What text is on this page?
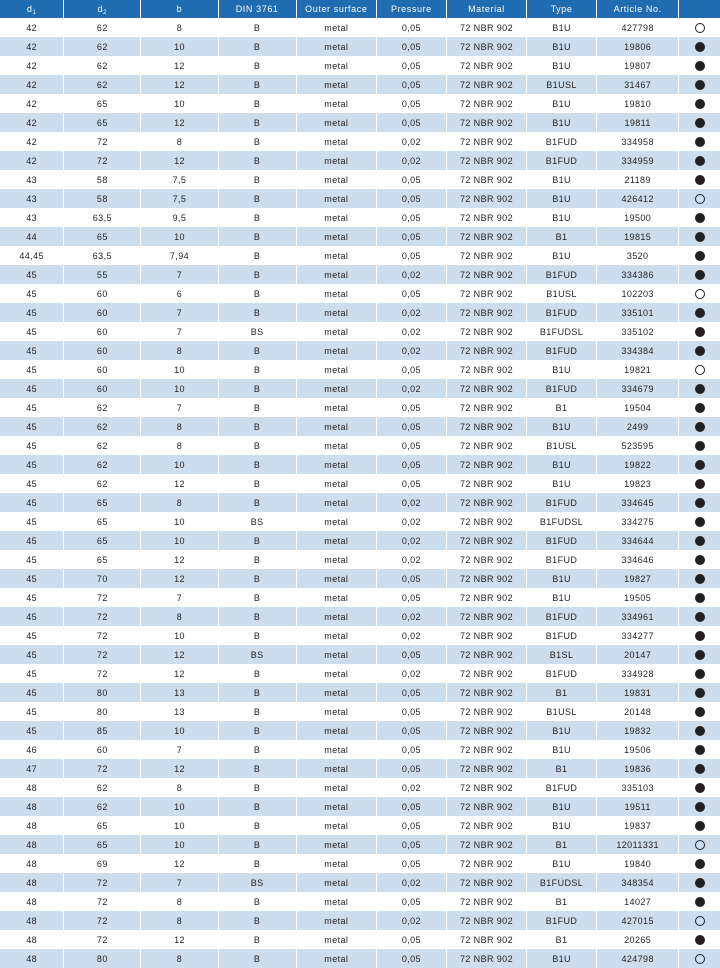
$d_1$	$d_2$	b	DIN 3761	Outer surface	Pressure	Material	Type	Article No.	
42	62	8	B	metal	0,05	72 NBR 902	B1U	427798	
42	62	10	B	metal	0,05	72 NBR 902	B1U	19806	
42	62	12	B	metal	0,05	72 NBR 902	B1U	19807	
42	62	12	B	metal	0,05	72 NBR 902	B1USL	31467	
42	65	10	B	metal	0,05	72 NBR 902	B1U	19810	
42	65	12	B	metal	0,05	72 NBR 902	B1U	19811	
42	72	8	B	metal	0,02	72 NBR 902	B1FUD	334958	
42	72	12	B	metal	0,02	72 NBR 902	B1FUD	334959	
43	58	7,5	B	metal	0,05	72 NBR 902	B1U	21189	
43	58	7,5	B	metal	0,05	72 NBR 902	B1U	426412	
43	63,5	9,5	B	metal	0,05	72 NBR 902	B1U	19500	
44	65	10	B	metal	0,05	72 NBR 902	B1	19815	
44,45	63,5	7,94	B	metal	0,05	72 NBR 902	B1U	3520	
45	55	7	B	metal	0,02	72 NBR 902	B1FUD	334386	
45	60	6	B	metal	0,05	72 NBR 902	B1USL	102203	
45	60	7	B	metal	0,02	72 NBR 902	B1FUD	335101	
45	60	7	BS	metal	0,02	72 NBR 902	B1FUDSL	335102	
45	60	8	B	metal	0,02	72 NBR 902	B1FUD	334384	
45	60	10	B	metal	0,05	72 NBR 902	B1U	19821	
45	60	10	B	metal	0,02	72 NBR 902	B1FUD	334679	
45	62	7	B	metal	0,05	72 NBR 902	B1	19504	
45	62	8	B	metal	0,05	72 NBR 902	B1U	2499	
45	62	8	B	metal	0,05	72 NBR 902	B1USL	523595	
45	62	10	B	metal	0,05	72 NBR 902	B1U	19822	
45	62	12	B	metal	0,05	72 NBR 902	B1U	19823	
45	65	8	B	metal	0,02	72 NBR 902	B1FUD	334645	
45	65	10	BS	metal	0,02	72 NBR 902	B1FUDSL	334275	
45	65	10	B	metal	0,02	72 NBR 902	B1FUD	334644	
45	65	12	B	metal	0,02	72 NBR 902	B1FUD	334646	
45	70	12	B	metal	0,05	72 NBR 902	B1U	19827	
45	72	7	B	metal	0,05	72 NBR 902	B1U	19505	
45	72	8	B	metal	0,02	72 NBR 902	B1FUD	334961	
45	72	10	B	metal	0,02	72 NBR 902	B1FUD	334277	
45	72	12	BS	metal	0,05	72 NBR 902	B1SL	20147	
45	72	12	B	metal	0,02	72 NBR 902	B1FUD	334928	
45	80	13	B	metal	0,05	72 NBR 902	B1	19831	
45	80	13	B	metal	0,05	72 NBR 902	B1USL	20148	
45	85	10	B	metal	0,05	72 NBR 902	B1U	19832	
46	60	7	B	metal	0,05	72 NBR 902	B1U	19506	
47	72	12	B	metal	0,05	72 NBR 902	B1	19836	
48	62	8	B	metal	0,02	72 NBR 902	B1FUD	335103	
48	62	10	B	metal	0,05	72 NBR 902	B1U	19511	
48	65	10	B	metal	0,05	72 NBR 902	B1U	19837	
48	65	10	B	metal	0,05	72 NBR 902	B1	12011331	
48	69	12	B	metal	0,05	72 NBR 902	B1U	19840	
48	72	7	BS	metal	0,02	72 NBR 902	B1FUDSL	348354	
48	72	8	B	metal	0,05	72 NBR 902	B1	14027	
48	72	8	B	metal	0,02	72 NBR 902	B1FUD	427015	
48	72	12	B	metal	0,05	72 NBR 902	B1	20265	
48	80	8	B	metal	0,05	72 NBR 902	B1U	424798	
